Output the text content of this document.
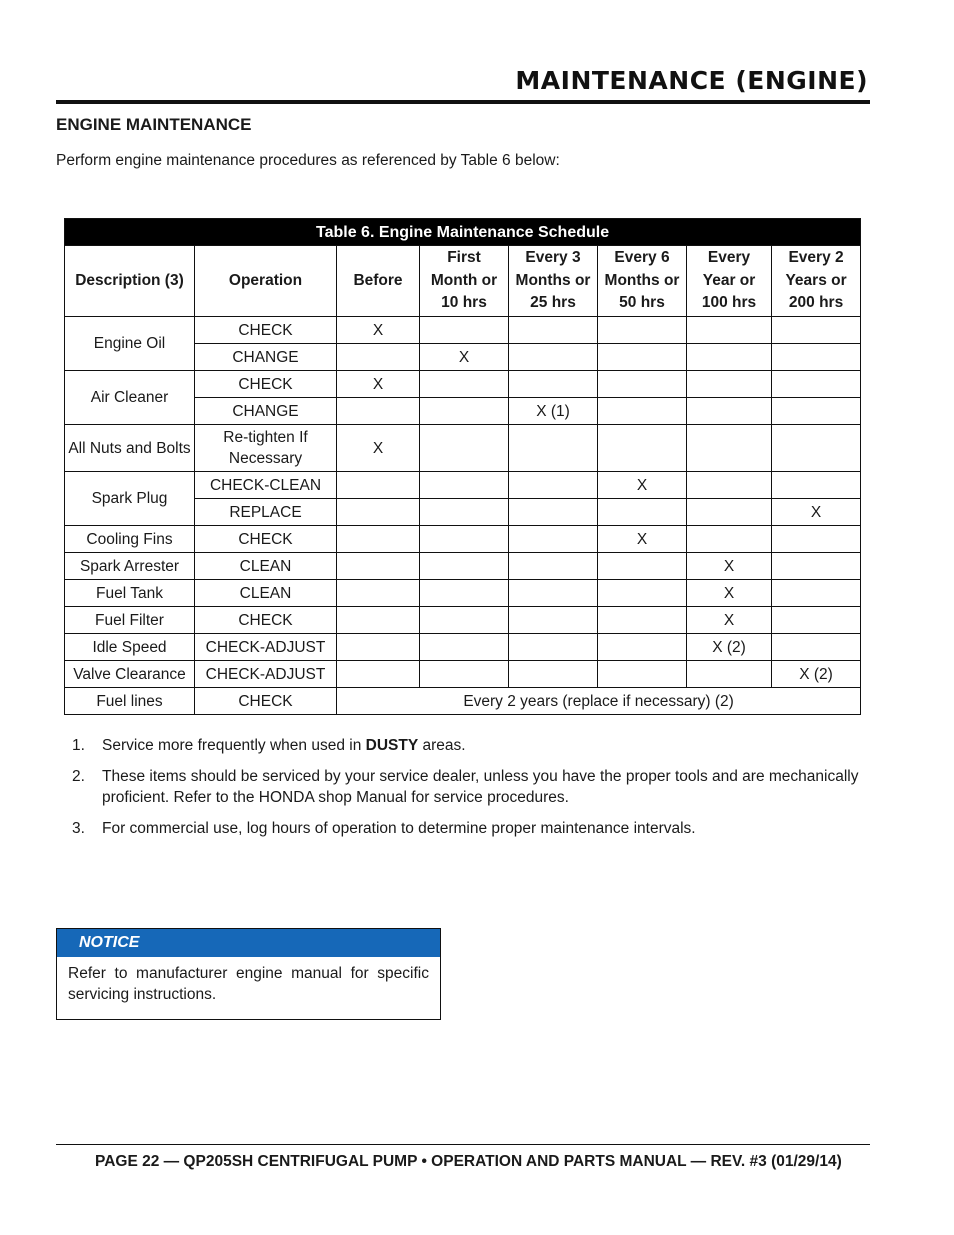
MAINTENANCE (ENGINE)
ENGINE MAINTENANCE
Perform engine maintenance procedures as referenced by Table 6 below:
Table 6. Engine Maintenance Schedule							
Description (3)	Operation	Before	First Month or 10 hrs	Every 3 Months or 25 hrs	Every 6 Months or 50 hrs	Every Year or 100 hrs	Every 2 Years or 200 hrs
Engine Oil	CHECK	X					
	CHANGE		X				
Air Cleaner	CHECK	X					
	CHANGE			X (1)			
All Nuts and Bolts	Re-tighten If Necessary	X					
Spark Plug	CHECK-CLEAN				X		
	REPLACE						X
Cooling Fins	CHECK				X		
Spark Arrester	CLEAN					X	
Fuel Tank	CLEAN					X	
Fuel Filter	CHECK					X	
Idle Speed	CHECK-ADJUST					X (2)	
Valve Clearance	CHECK-ADJUST						X (2)
Fuel lines	CHECK	Every 2 years (replace if necessary) (2)					
1. Service more frequently when used in DUSTY areas.
2. These items should be serviced by your service dealer, unless you have the proper tools and are mechanically proficient. Refer to the HONDA shop Manual for service procedures.
3. For commercial use, log hours of operation to determine proper maintenance intervals.
NOTICE
Refer to manufacturer engine manual for specific servicing instructions.
PAGE 22 — QP205SH CENTRIFUGAL PUMP • OPERATION AND PARTS MANUAL — REV. #3 (01/29/14)
